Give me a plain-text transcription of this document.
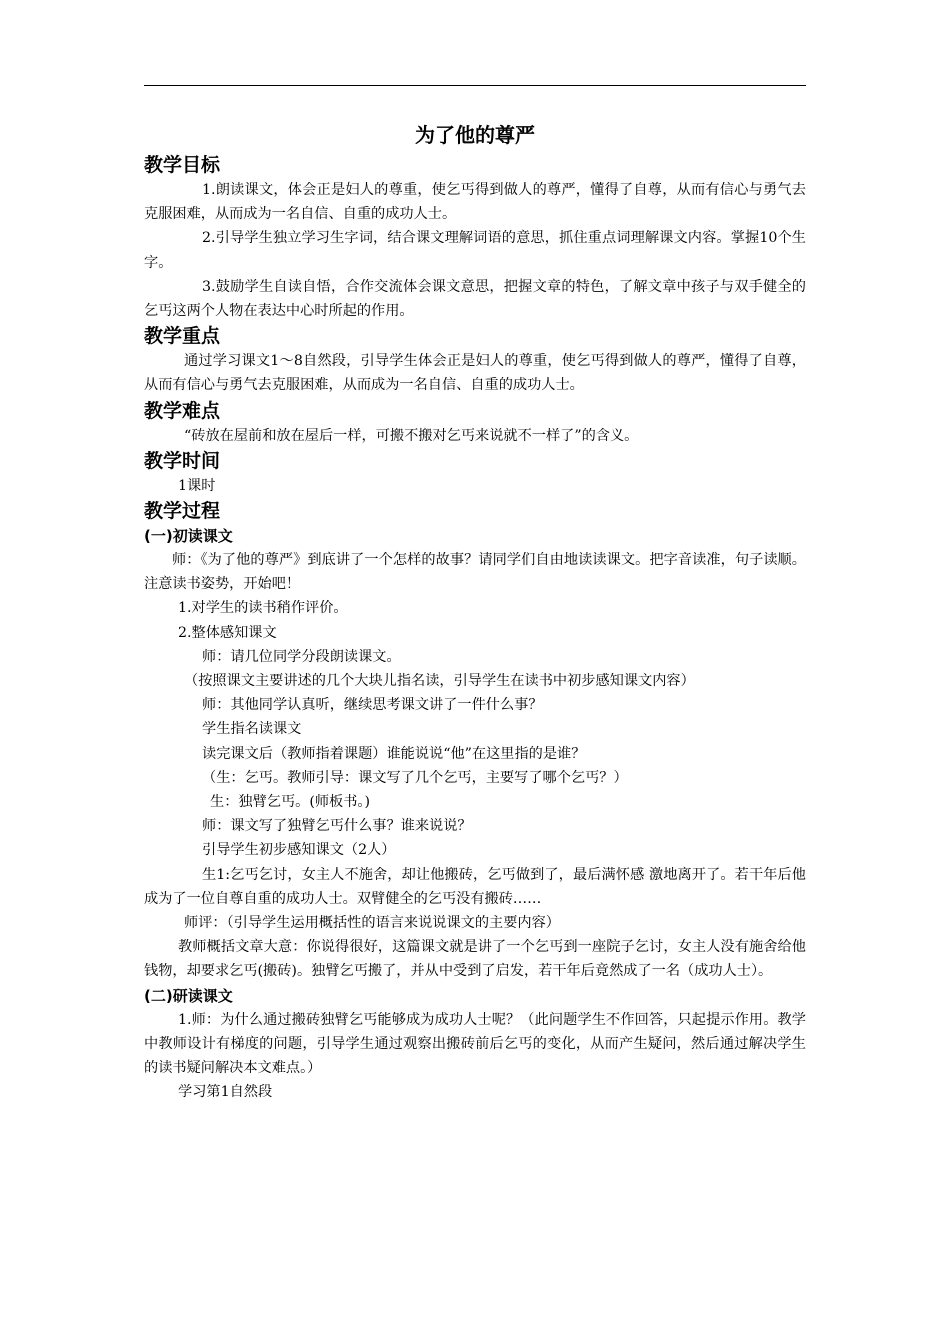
为了他的尊严
教学目标

1.朗读课文，体会正是妇人的尊重，使乞丐得到做人的尊严，懂得了自尊，从而有信心与勇气去克服困难，从而成为一名自信、自重的成功人士。

2.引导学生独立学习生字词，结合课文理解词语的意思，抓住重点词理解课文内容。掌握10个生字。

3.鼓励学生自读自悟，合作交流体会课文意思，把握文章的特色，了解文章中孩子与双手健全的乞丐这两个人物在表达中心时所起的作用。

教学重点

通过学习课文1～8自然段，引导学生体会正是妇人的尊重，使乞丐得到做人的尊严，懂得了自尊，从而有信心与勇气去克服困难，从而成为一名自信、自重的成功人士。

教学难点

“砖放在屋前和放在屋后一样，可搬不搬对乞丐来说就不一样了”的含义。

教学时间

1课时

教学过程
(一)初读课文

师：《为了他的尊严》到底讲了一个怎样的故事？请同学们自由地读读课文。把字音读准，句子读顺。注意读书姿势，开始吧！

1.对学生的读书稍作评价。

2.整体感知课文

师：请几位同学分段朗读课文。

（按照课文主要讲述的几个大块儿指名读，引导学生在读书中初步感知课文内容）

师：其他同学认真听，继续思考课文讲了一件什么事？

学生指名读课文

读完课文后（教师指着课题）谁能说说“他”在这里指的是谁？

（生：乞丐。教师引导：课文写了几个乞丐，主要写了哪个乞丐？）

生：独臂乞丐。(师板书。)

师：课文写了独臂乞丐什么事？谁来说说？

引导学生初步感知课文（2人）

生1:乞丐乞讨，女主人不施舍，却让他搬砖，乞丐做到了，最后满怀感 激地离开了。若干年后他成为了一位自尊自重的成功人士。双臂健全的乞丐没有搬砖……

师评：（引导学生运用概括性的语言来说说课文的主要内容）

教师概括文章大意：你说得很好，这篇课文就是讲了一个乞丐到一座院子乞讨，女主人没有施舍给他钱物，却要求乞丐(搬砖)。独臂乞丐搬了，并从中受到了启发，若干年后竟然成了一名（成功人士）。

(二)研读课文

1.师：为什么通过搬砖独臂乞丐能够成为成功人士呢？（此问题学生不作回答，只起提示作用。教学中教师设计有梯度的问题，引导学生通过观察出搬砖前后乞丐的变化，从而产生疑问，然后通过解决学生的读书疑问解决本文难点。）

学习第1自然段
